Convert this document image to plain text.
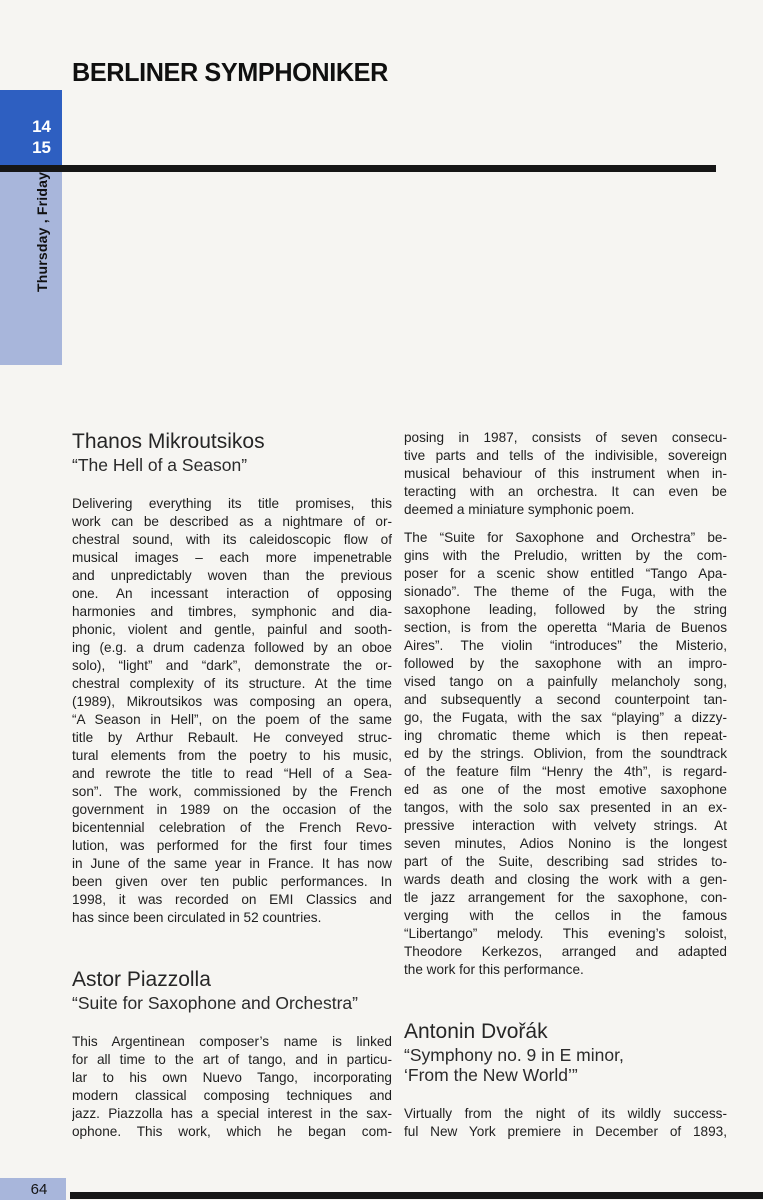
BERLINER SYMPHONIKER
14
15
Thursday , Friday
Thanos Mikroutsikos
“The Hell of a Season”
Delivering everything its title promises, this
work can be described as a nightmare of or-
chestral sound, with its caleidoscopic flow of
musical images – each more impenetrable
and unpredictably woven than the previous
one. An incessant interaction of opposing
harmonies and timbres, symphonic and dia-
phonic, violent and gentle, painful and sooth-
ing (e.g. a drum cadenza followed by an oboe
solo), “light” and “dark”, demonstrate the or-
chestral complexity of its structure. At the time
(1989), Mikroutsikos was composing an opera,
“A Season in Hell”, on the poem of the same
title by Arthur Rebault. He conveyed struc-
tural elements from the poetry to his music,
and rewrote the title to read “Hell of a Sea-
son”. The work, commissioned by the French
government in 1989 on the occasion of the
bicentennial celebration of the French Revo-
lution, was performed for the first four times
in June of the same year in France. It has now
been given over ten public performances. In
1998, it was recorded on EMI Classics and
has since been circulated in 52 countries.
Astor Piazzolla
“Suite for Saxophone and Orchestra”
This Argentinean composer’s name is linked
for all time to the art of tango, and in particu-
lar to his own Nuevo Tango, incorporating
modern classical composing techniques and
jazz. Piazzolla has a special interest in the sax-
ophone. This work, which he began com-
posing in 1987, consists of seven consecu-
tive parts and tells of the indivisible, sovereign
musical behaviour of this instrument when in-
teracting with an orchestra. It can even be
deemed a miniature symphonic poem.
The “Suite for Saxophone and Orchestra” be-
gins with the Preludio, written by the com-
poser for a scenic show entitled “Tango Apa-
sionado”. The theme of the Fuga, with the
saxophone leading, followed by the string
section, is from the operetta “Maria de Buenos
Aires”. The violin “introduces” the Misterio,
followed by the saxophone with an impro-
vised tango on a painfully melancholy song,
and subsequently a second counterpoint tan-
go, the Fugata, with the sax “playing” a dizzy-
ing chromatic theme which is then repeat-
ed by the strings. Oblivion, from the soundtrack
of the feature film “Henry the 4th”, is regard-
ed as one of the most emotive saxophone
tangos, with the solo sax presented in an ex-
pressive interaction with velvety strings. At
seven minutes, Adios Nonino is the longest
part of the Suite, describing sad strides to-
wards death and closing the work with a gen-
tle jazz arrangement for the saxophone, con-
verging with the cellos in the famous
“Libertango” melody. This evening’s soloist,
Theodore Kerkezos, arranged and adapted
the work for this performance.
Antonin Dvořák
“Symphony no. 9 in E minor,
‘From the New World’”
Virtually from the night of its wildly success-
ful New York premiere in December of 1893,
64
